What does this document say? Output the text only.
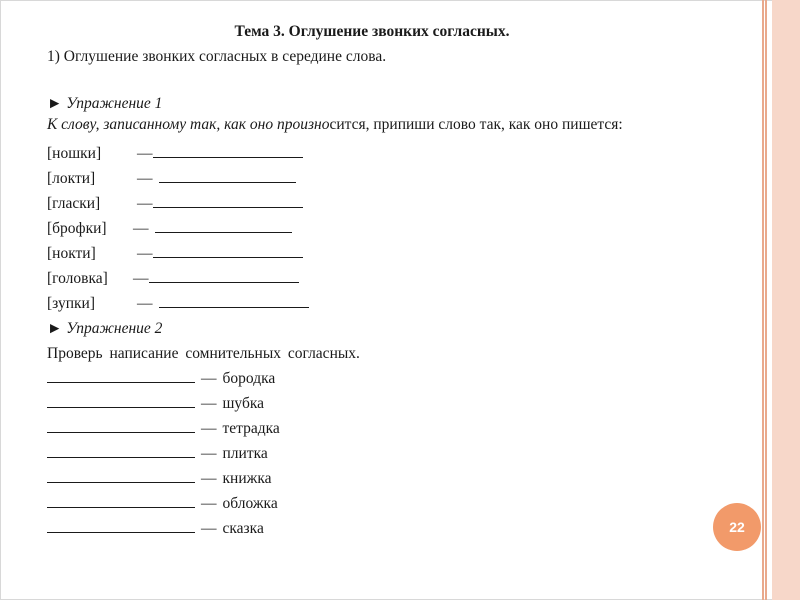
Тема 3. Оглушение звонких согласных.

1) Оглушение звонких согласных в середине слова.
► Упражнение 1
К слову, записанному так, как оно произносится, припиши слово так, как оно пишется:
[ношки]	—
[локти]	—
[гласки]	—
[брофки]	—
[нокти]	—
[головка]	—
[зупки]	—
► Упражнение 2
Проверь написание сомнительных согласных.
— бородка
— шубка
— тетрадка
— плитка
— книжка
— обложка
— сказка	22
